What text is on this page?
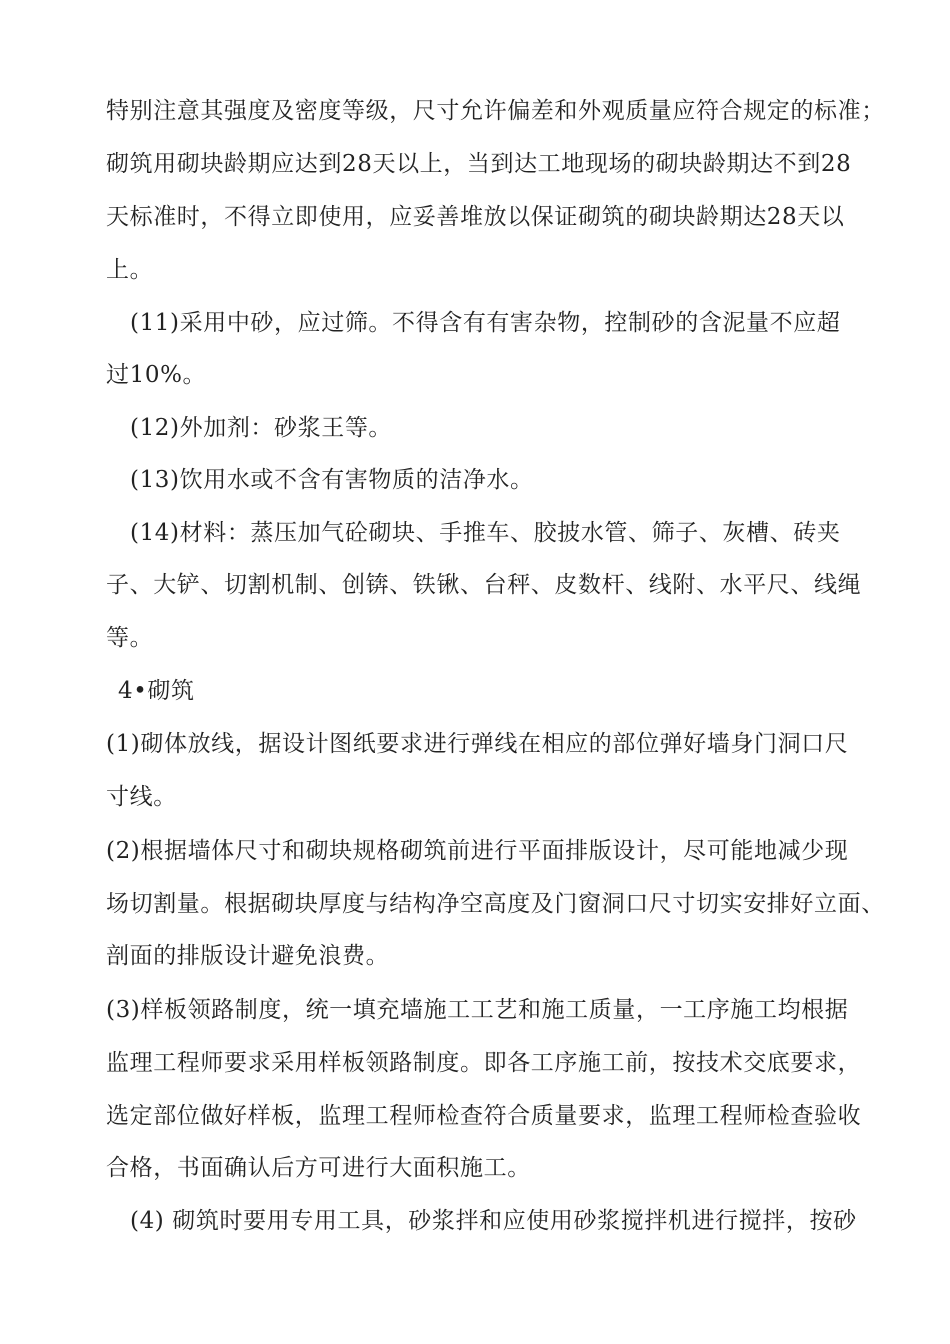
特别注意其强度及密度等级，尺寸允许偏差和外观质量应符合规定的标准；
砌筑用砌块龄期应达到28天以上，当到达工地现场的砌块龄期达不到28
天标准时，不得立即使用，应妥善堆放以保证砌筑的砌块龄期达28天以
上。
(11)采用中砂，应过筛。不得含有有害杂物，控制砂的含泥量不应超
过10%。
(12)外加剂：砂浆王等。
(13)饮用水或不含有害物质的洁净水。
(14)材料：蒸压加气砼砌块、手推车、胶披水管、筛子、灰槽、砖夹
子、大铲、切割机制、创锛、铁锹、台秤、皮数杆、线附、水平尺、线绳
等。
4•砌筑
(1)砌体放线，据设计图纸要求进行弹线在相应的部位弹好墙身门洞口尺
寸线。
(2)根据墙体尺寸和砌块规格砌筑前进行平面排版设计，尽可能地减少现
场切割量。根据砌块厚度与结构净空高度及门窗洞口尺寸切实安排好立面、
剖面的排版设计避免浪费。
(3)样板领路制度，统一填充墙施工工艺和施工质量，一工序施工均根据
监理工程师要求采用样板领路制度。即各工序施工前，按技术交底要求，
选定部位做好样板，监理工程师检查符合质量要求，监理工程师检查验收
合格，书面确认后方可进行大面积施工。
(4) 砌筑时要用专用工具，砂浆拌和应使用砂浆搅拌机进行搅拌，按砂
